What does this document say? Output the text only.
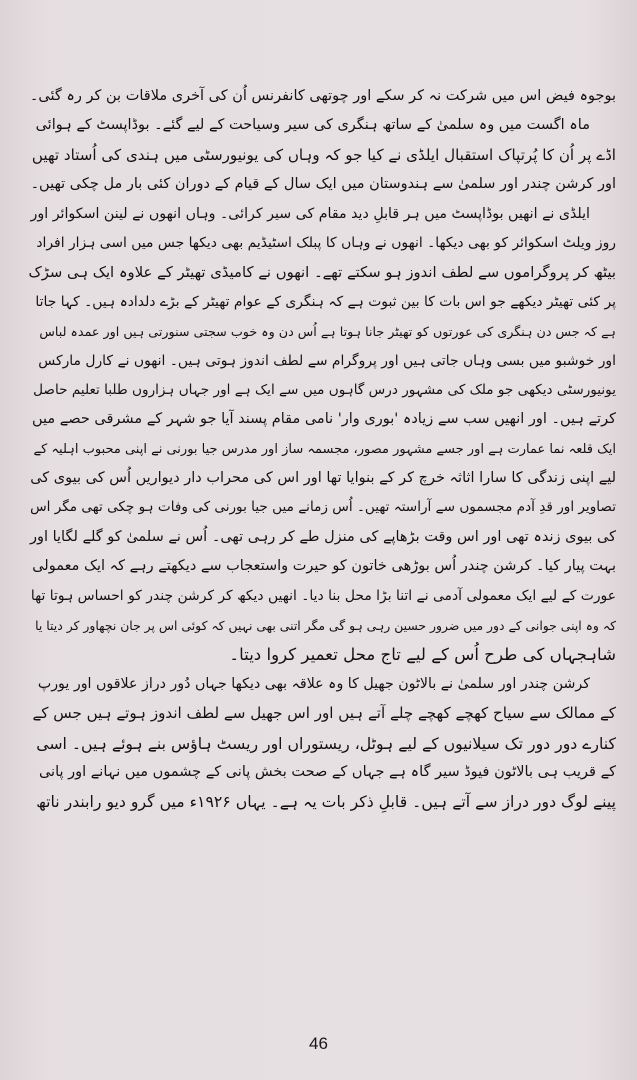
بوجوہ فیض اس میں شرکت نہ کر سکے اور چوتھی کانفرنس اُن کی آخری ملاقات بن کر رہ گئی۔
ماہ اگست میں وہ سلمیٰ کے ساتھ ہنگری کی سیر وسیاحت کے لیے گئے۔ بوڈاپسٹ کے ہوائی
اڈے پر اُن کا پُرتپاک استقبال ایلڈی نے کیا جو کہ وہاں کی یونیورسٹی میں ہندی کی اُستاد تھیں
اور کرشن چندر اور سلمیٰ سے ہندوستان میں ایک سال کے قیام کے دوران کئی بار مل چکی تھیں۔
ایلڈی نے انھیں بوڈاپسٹ میں ہر قابلِ دید مقام کی سیر کرائی۔ وہاں انھوں نے لینن اسکوائر اور
روز ویلٹ اسکوائر کو بھی دیکھا۔ انھوں نے وہاں کا پبلک اسٹیڈیم بھی دیکھا جس میں اسی ہزار افراد
بیٹھ کر پروگراموں سے لطف اندوز ہو سکتے تھے۔ انھوں نے کامیڈی تھیٹر کے علاوہ ایک ہی سڑک
پر کئی تھیٹر دیکھے جو اس بات کا بین ثبوت ہے کہ ہنگری کے عوام تھیٹر کے بڑے دلدادہ ہیں۔ کہا جاتا
ہے کہ جس دن ہنگری کی عورتوں کو تھیٹر جانا ہوتا ہے اُس دن وہ خوب سجتی سنورتی ہیں اور عمدہ لباس
اور خوشبو میں بسی وہاں جاتی ہیں اور پروگرام سے لطف اندوز ہوتی ہیں۔ انھوں نے کارل مارکس
یونیورسٹی دیکھی جو ملک کی مشہور درس گاہوں میں سے ایک ہے اور جہاں ہزاروں طلبا تعلیم حاصل
کرتے ہیں۔ اور انھیں سب سے زیادہ 'بوری وار' نامی مقام پسند آیا جو شہر کے مشرقی حصے میں
ایک قلعہ نما عمارت ہے اور جسے مشہور مصور، مجسمہ ساز اور مدرس جیا بورنی نے اپنی محبوب اہلیہ کے
لیے اپنی زندگی کا سارا اثاثہ خرچ کر کے بنوایا تھا اور اس کی محراب دار دیواریں اُس کی بیوی کی
تصاویر اور قدِ آدم مجسموں سے آراستہ تھیں۔ اُس زمانے میں جیا بورنی کی وفات ہو چکی تھی مگر اس
کی بیوی زندہ تھی اور اس وقت بڑھاپے کی منزل طے کر رہی تھی۔ اُس نے سلمیٰ کو گلے لگایا اور
بہت پیار کیا۔ کرشن چندر اُس بوڑھی خاتون کو حیرت واستعجاب سے دیکھتے رہے کہ ایک معمولی
عورت کے لیے ایک معمولی آدمی نے اتنا بڑا محل بنا دیا۔ انھیں دیکھ کر کرشن چندر کو احساس ہوتا تھا
کہ وہ اپنی جوانی کے دور میں ضرور حسین رہی ہو گی مگر اتنی بھی نہیں کہ کوئی اس پر جان نچھاور کر دیتا یا
شاہجہاں کی طرح اُس کے لیے تاج محل تعمیر کروا دیتا۔
کرشن چندر اور سلمیٰ نے بالاٹون جھیل کا وہ علاقہ بھی دیکھا جہاں دُور دراز علاقوں اور یورپ
کے ممالک سے سیاح کھچے کھچے چلے آتے ہیں اور اس جھیل سے لطف اندوز ہوتے ہیں جس کے
کنارے دور دور تک سیلانیوں کے لیے ہوٹل، ریستوراں اور ریسٹ ہاؤس بنے ہوئے ہیں۔ اسی
کے قریب ہی بالاٹون فیوڈ سیر گاہ ہے جہاں کے صحت بخش پانی کے چشموں میں نہانے اور پانی
پینے لوگ دور دراز سے آتے ہیں۔ قابلِ ذکر بات یہ ہے۔ یہاں ۱۹۲۶ء میں گرو دیو رابندر ناتھ
46
